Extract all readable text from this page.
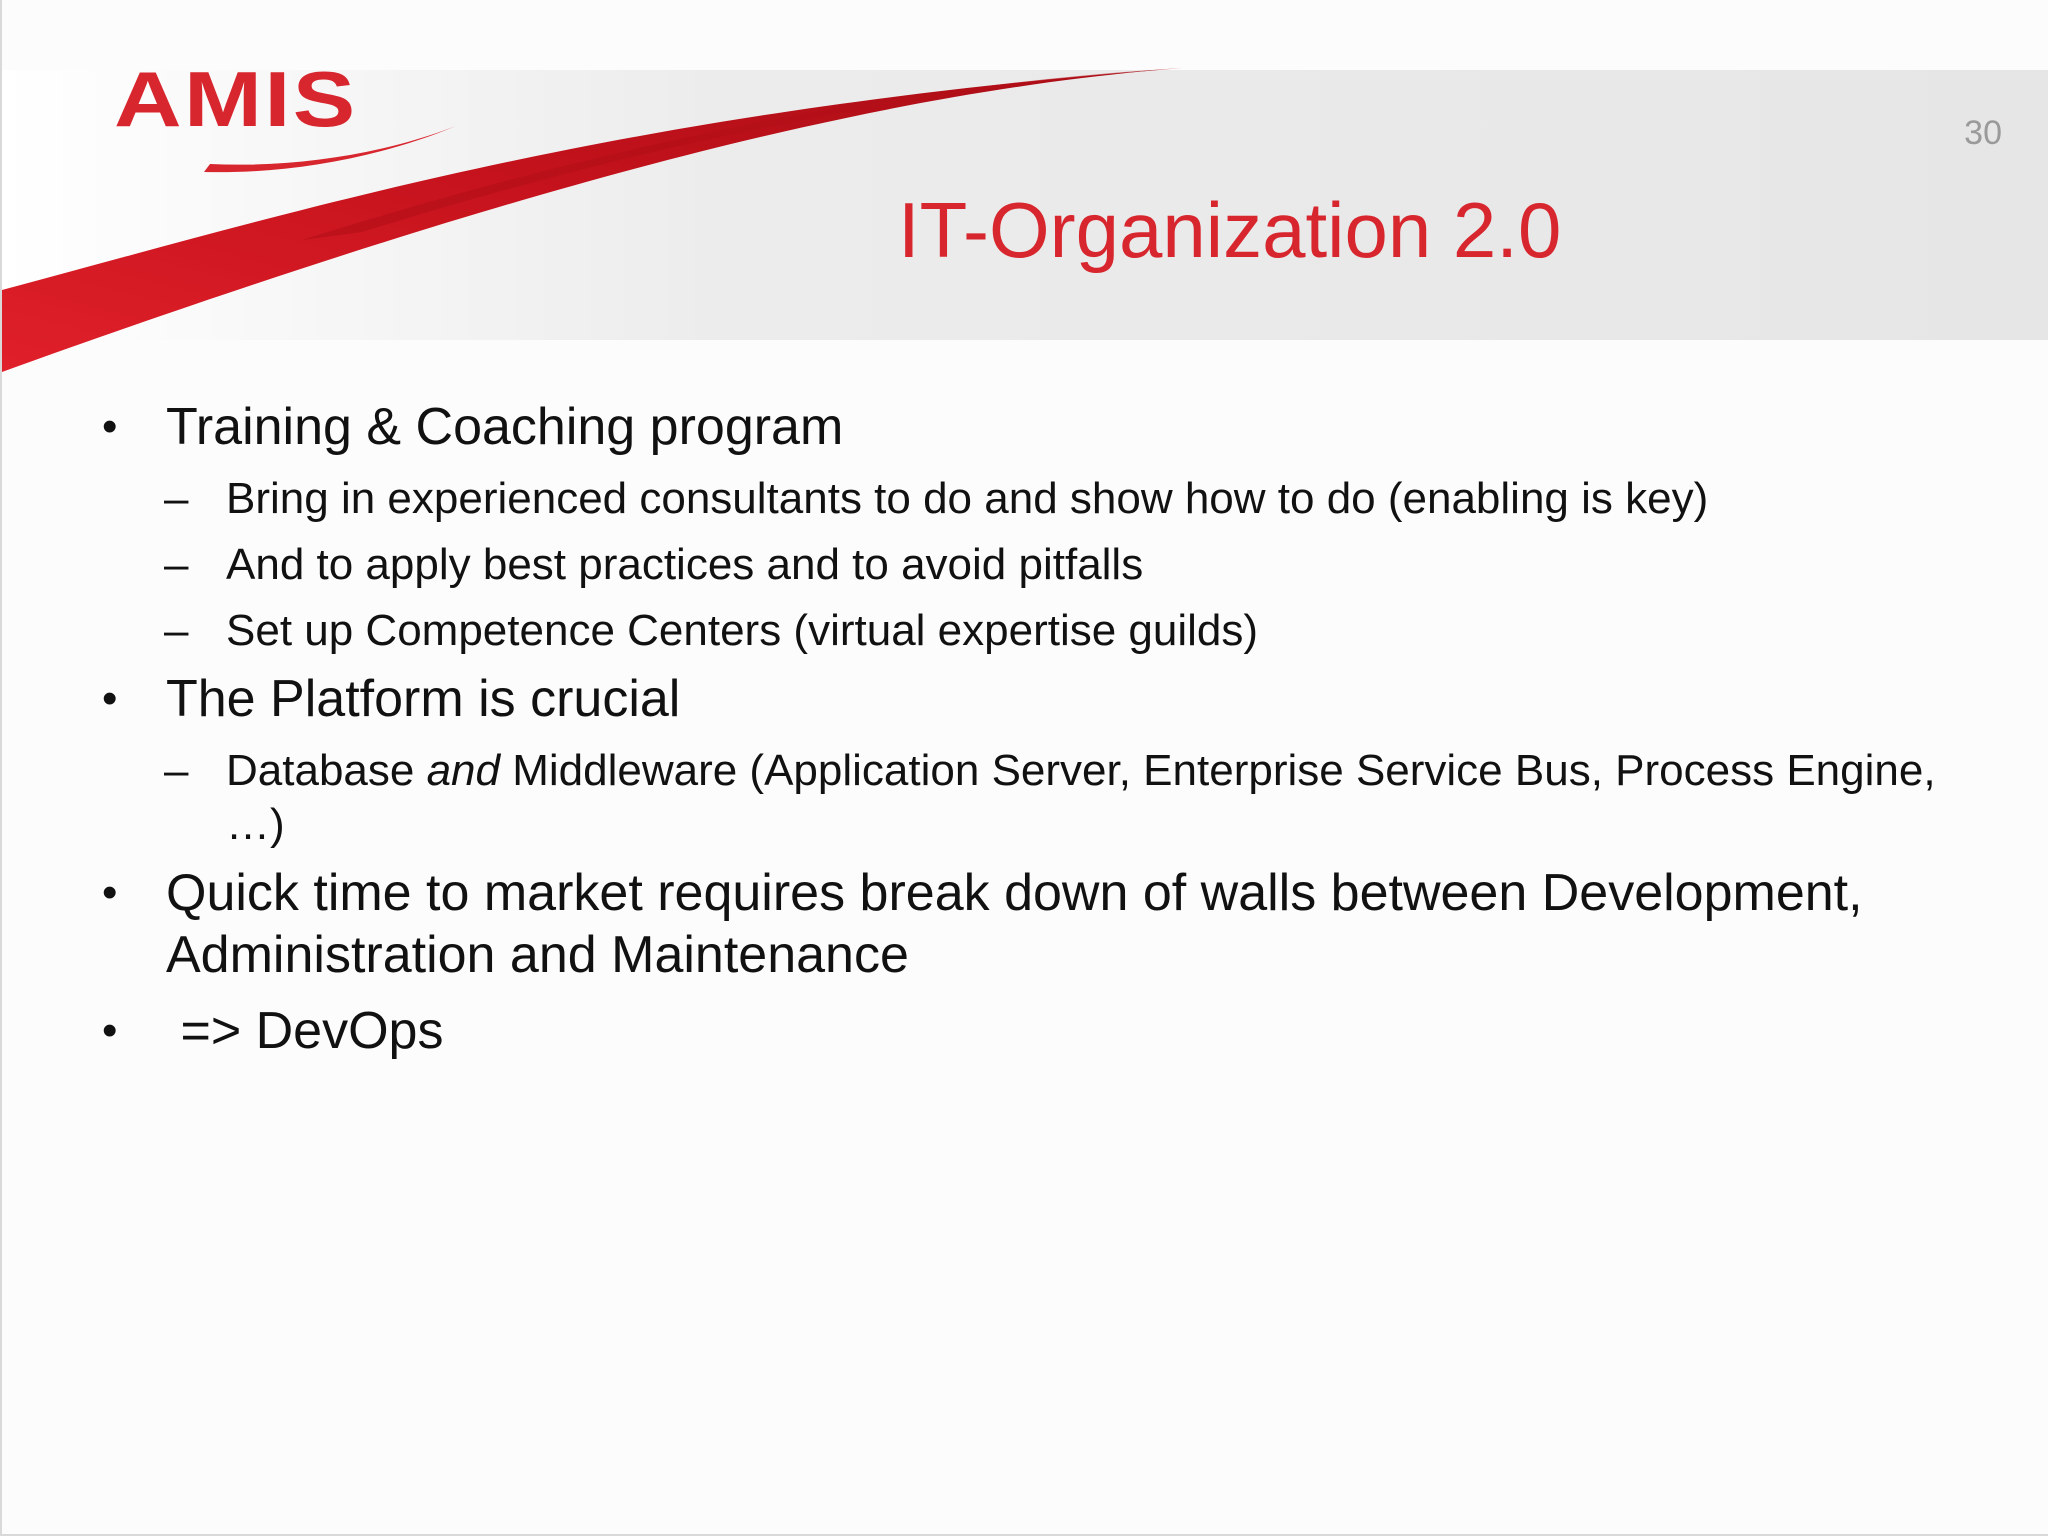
AMIS	30
IT-Organization 2.0
• Training & Coaching program
– Bring in experienced consultants to do and show how to do (enabling is key)
– And to apply best practices and to avoid pitfalls
– Set up Competence Centers (virtual expertise guilds)
• The Platform is crucial
– Database and Middleware (Application Server, Enterprise Service Bus, Process Engine, …)
• Quick time to market requires break down of walls between Development, Administration and Maintenance
• => DevOps
